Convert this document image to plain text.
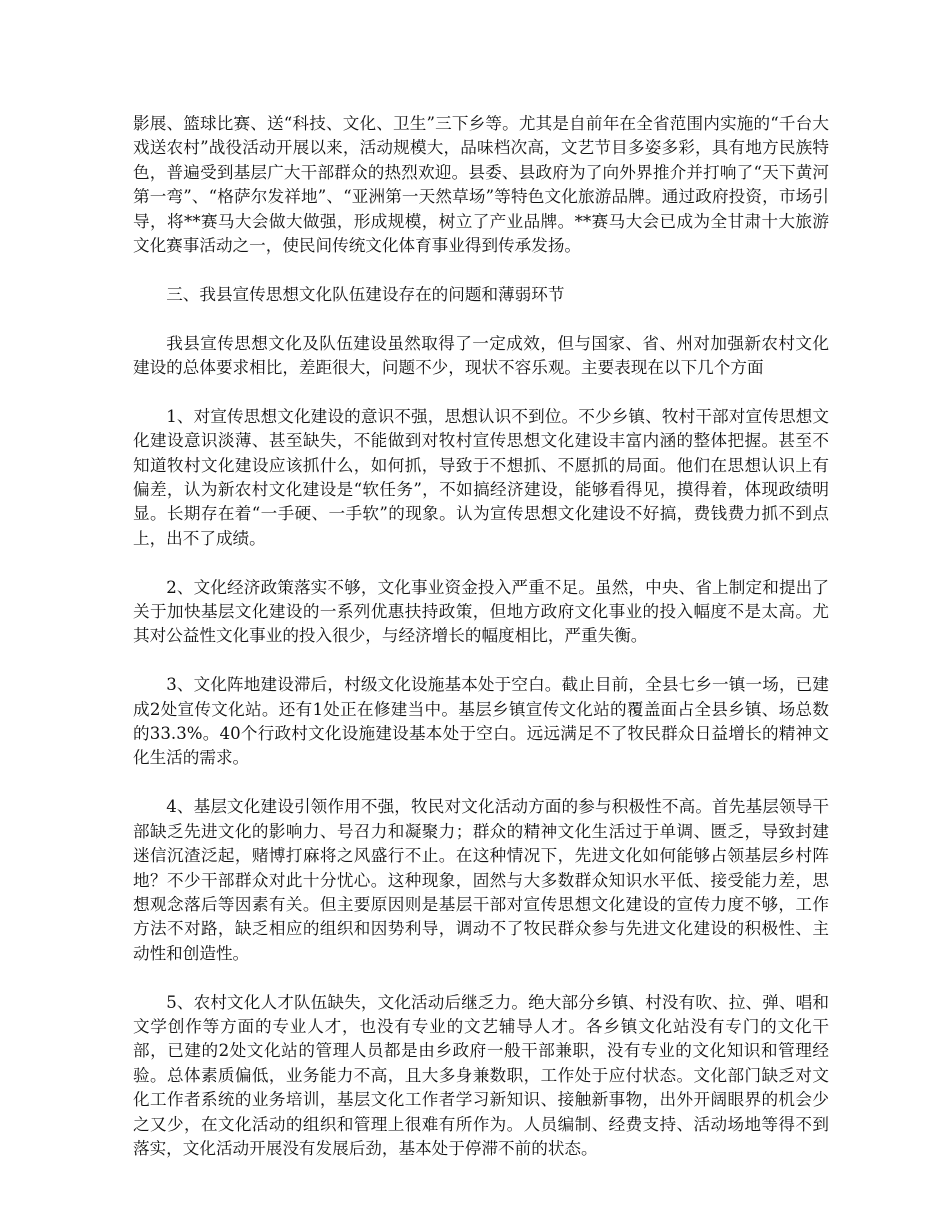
影展、篮球比赛、送“科技、文化、卫生”三下乡等。尤其是自前年在全省范围内实施的“千台大戏送农村”战役活动开展以来，活动规模大，品味档次高，文艺节目多姿多彩，具有地方民族特色，普遍受到基层广大干部群众的热烈欢迎。县委、县政府为了向外界推介并打响了“天下黄河第一弯”、“格萨尔发祥地”、“亚洲第一天然草场”等特色文化旅游品牌。通过政府投资，市场引导，将**赛马大会做大做强，形成规模，树立了产业品牌。**赛马大会已成为全甘肃十大旅游文化赛事活动之一，使民间传统文化体育事业得到传承发扬。

三、我县宣传思想文化队伍建设存在的问题和薄弱环节

我县宣传思想文化及队伍建设虽然取得了一定成效，但与国家、省、州对加强新农村文化建设的总体要求相比，差距很大，问题不少，现状不容乐观。主要表现在以下几个方面

1、对宣传思想文化建设的意识不强，思想认识不到位。不少乡镇、牧村干部对宣传思想文化建设意识淡薄、甚至缺失，不能做到对牧村宣传思想文化建设丰富内涵的整体把握。甚至不知道牧村文化建设应该抓什么，如何抓，导致于不想抓、不愿抓的局面。他们在思想认识上有偏差，认为新农村文化建设是“软任务”，不如搞经济建设，能够看得见，摸得着，体现政绩明显。长期存在着“一手硬、一手软”的现象。认为宣传思想文化建设不好搞，费钱费力抓不到点上，出不了成绩。

2、文化经济政策落实不够，文化事业资金投入严重不足。虽然，中央、省上制定和提出了关于加快基层文化建设的一系列优惠扶持政策，但地方政府文化事业的投入幅度不是太高。尤其对公益性文化事业的投入很少，与经济增长的幅度相比，严重失衡。

3、文化阵地建设滞后，村级文化设施基本处于空白。截止目前，全县七乡一镇一场，已建成2处宣传文化站。还有1处正在修建当中。基层乡镇宣传文化站的覆盖面占全县乡镇、场总数的33.3%。40个行政村文化设施建设基本处于空白。远远满足不了牧民群众日益增长的精神文化生活的需求。

4、基层文化建设引领作用不强，牧民对文化活动方面的参与积极性不高。首先基层领导干部缺乏先进文化的影响力、号召力和凝聚力；群众的精神文化生活过于单调、匮乏，导致封建迷信沉渣泛起，赌博打麻将之风盛行不止。在这种情况下，先进文化如何能够占领基层乡村阵地？不少干部群众对此十分忧心。这种现象，固然与大多数群众知识水平低、接受能力差，思想观念落后等因素有关。但主要原因则是基层干部对宣传思想文化建设的宣传力度不够，工作方法不对路，缺乏相应的组织和因势利导，调动不了牧民群众参与先进文化建设的积极性、主动性和创造性。

5、农村文化人才队伍缺失，文化活动后继乏力。绝大部分乡镇、村没有吹、拉、弹、唱和文学创作等方面的专业人才，也没有专业的文艺辅导人才。各乡镇文化站没有专门的文化干部，已建的2处文化站的管理人员都是由乡政府一般干部兼职，没有专业的文化知识和管理经验。总体素质偏低，业务能力不高，且大多身兼数职，工作处于应付状态。文化部门缺乏对文化工作者系统的业务培训，基层文化工作者学习新知识、接触新事物，出外开阔眼界的机会少之又少，在文化活动的组织和管理上很难有所作为。人员编制、经费支持、活动场地等得不到落实，文化活动开展没有发展后劲，基本处于停滞不前的状态。
